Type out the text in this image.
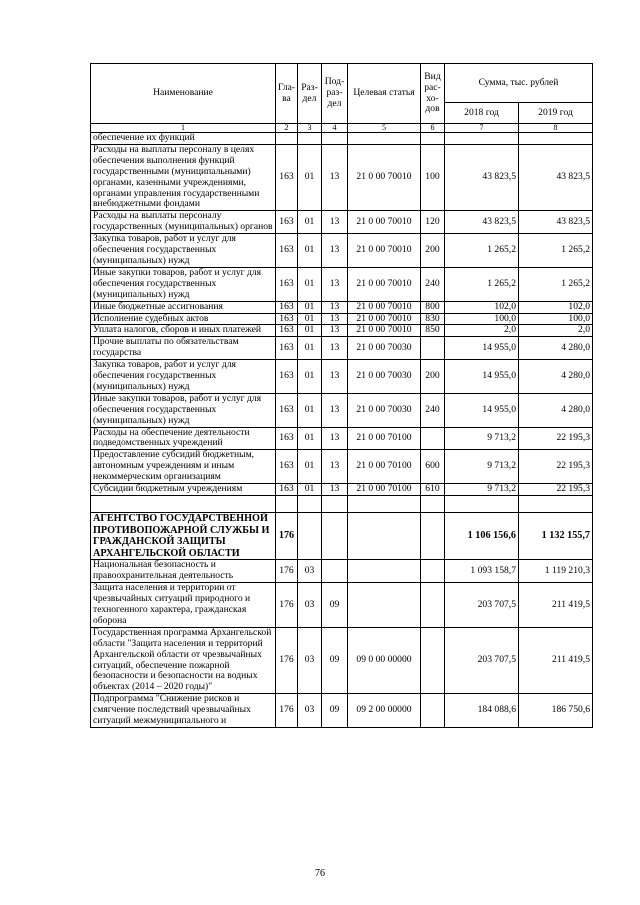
Наименование	Гла-ва	Раз-дел	Под-раз-дел	Целевая статья	Вид рас-хо-дов	Сумма, тыс. рублей	
						2018 год	2019 год
1	2	3	4	5	6	7	8
обеспечение их функций							
Расходы на выплаты персоналу в целях обеспечения выполнения функций государственными (муниципальными) органами, казенными учреждениями, органами управления государственными внебюджетными фондами	163	01	13	21 0 00 70010	100	43 823,5	43 823,5
Расходы на выплаты персоналу государственных (муниципальных) органов	163	01	13	21 0 00 70010	120	43 823,5	43 823,5
Закупка товаров, работ и услуг для обеспечения государственных (муниципальных) нужд	163	01	13	21 0 00 70010	200	1 265,2	1 265,2
Иные закупки товаров, работ и услуг для обеспечения государственных (муниципальных) нужд	163	01	13	21 0 00 70010	240	1 265,2	1 265,2
Иные бюджетные ассигнования	163	01	13	21 0 00 70010	800	102,0	102,0
Исполнение судебных актов	163	01	13	21 0 00 70010	830	100,0	100,0
Уплата налогов, сборов и иных платежей	163	01	13	21 0 00 70010	850	2,0	2,0
Прочие выплаты по обязательствам государства	163	01	13	21 0 00 70030		14 955,0	4 280,0
Закупка товаров, работ и услуг для обеспечения государственных (муниципальных) нужд	163	01	13	21 0 00 70030	200	14 955,0	4 280,0
Иные закупки товаров, работ и услуг для обеспечения государственных (муниципальных) нужд	163	01	13	21 0 00 70030	240	14 955,0	4 280,0
Расходы на обеспечение деятельности подведомственных учреждений	163	01	13	21 0 00 70100		9 713,2	22 195,3
Предоставление субсидий бюджетным, автономным учреждениям и иным некоммерческим организациям	163	01	13	21 0 00 70100	600	9 713,2	22 195,3
Субсидии бюджетным учреждениям	163	01	13	21 0 00 70100	610	9 713,2	22 195,3

АГЕНТСТВО ГОСУДАРСТВЕННОЙ ПРОТИВОПОЖАРНОЙ СЛУЖБЫ И ГРАЖДАНСКОЙ ЗАЩИТЫ АРХАНГЕЛЬСКОЙ ОБЛАСТИ	176					1 106 156,6	1 132 155,7
Национальная безопасность и правоохранительная деятельность	176	03				1 093 158,7	1 119 210,3
Защита населения и территории от чрезвычайных ситуаций природного и техногенного характера, гражданская оборона	176	03	09			203 707,5	211 419,5
Государственная программа Архангельской области "Защита населения и территорий Архангельской области от чрезвычайных ситуаций, обеспечение пожарной безопасности и безопасности на водных объектах (2014 – 2020 годы)"	176	03	09	09 0 00 00000		203 707,5	211 419,5
Подпрограмма "Снижение рисков и смягчение последствий чрезвычайных ситуаций межмуниципального и	176	03	09	09 2 00 00000		184 088,6	186 750,6
76
